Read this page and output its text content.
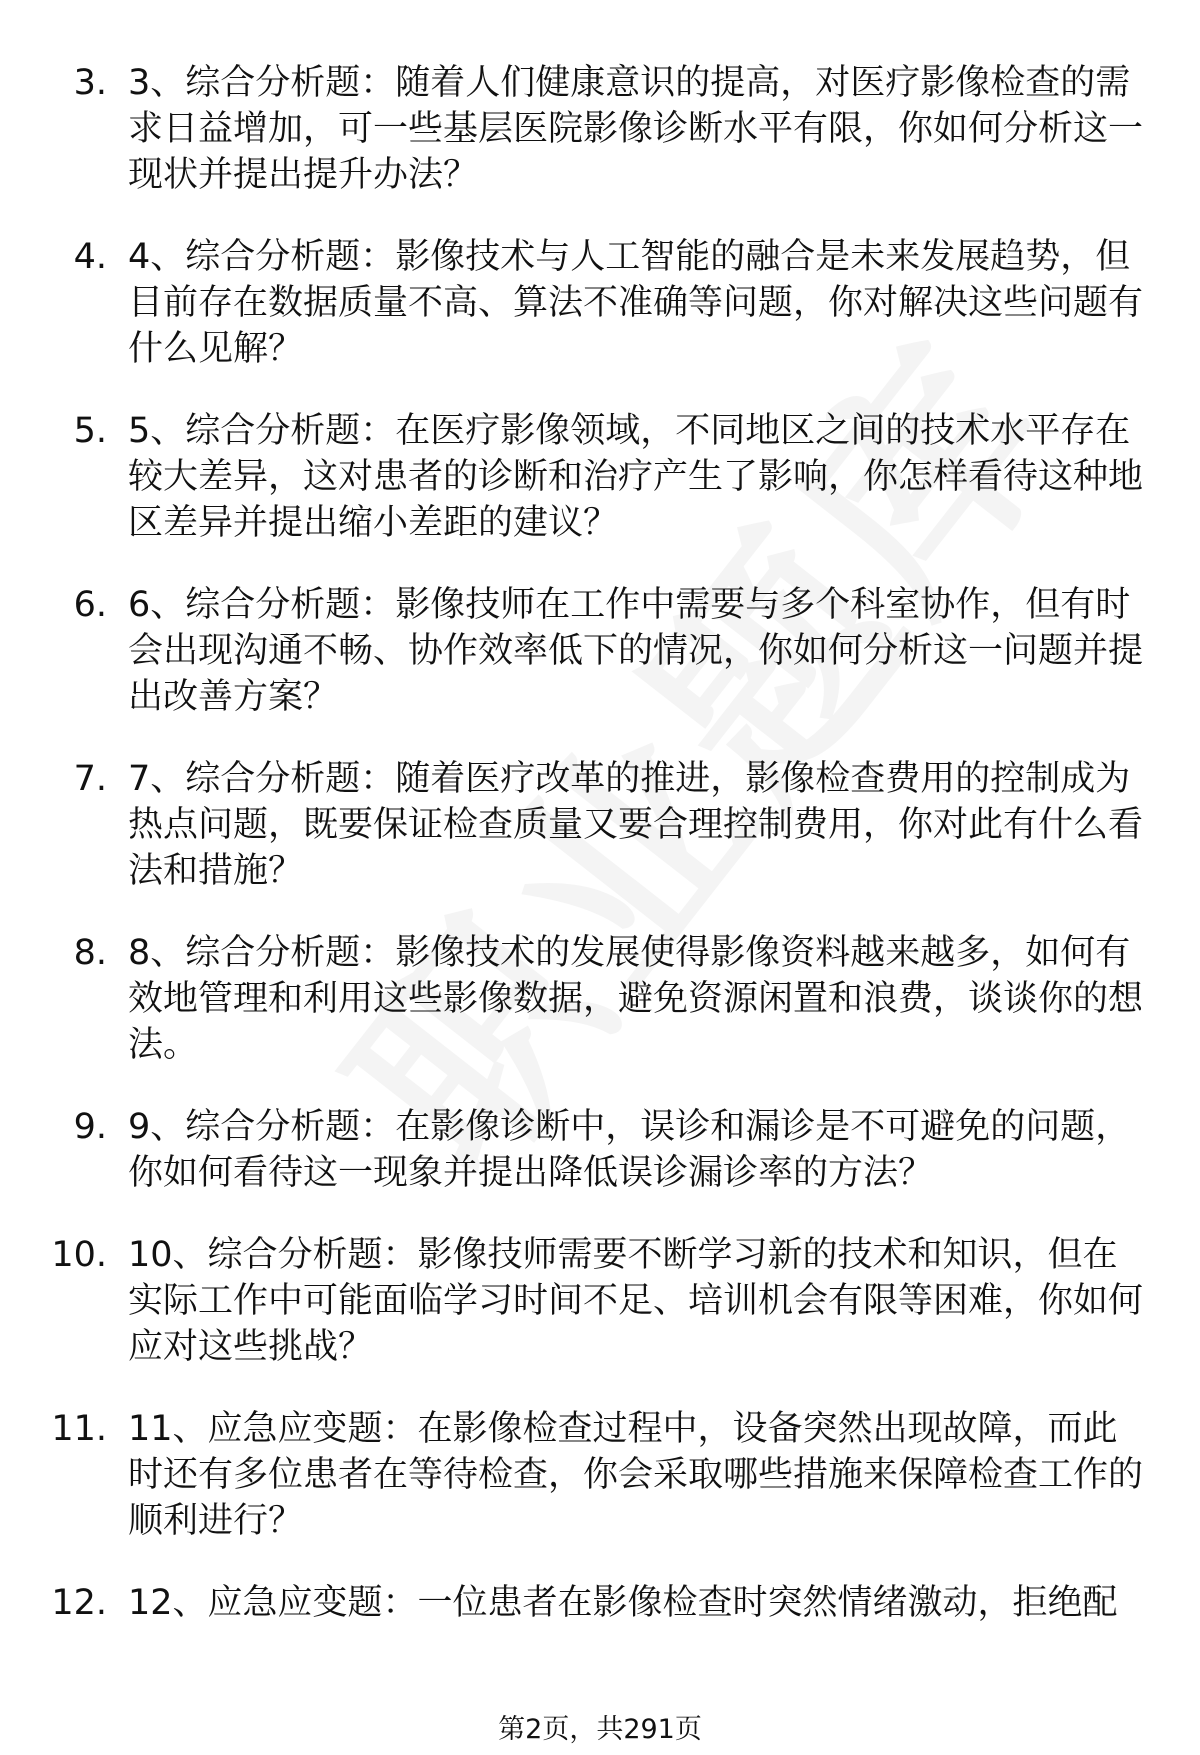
3. 3、综合分析题：随着人们健康意识的提高，对医疗影像检查的需求日益增加，可一些基层医院影像诊断水平有限，你如何分析这一现状并提出提升办法？
4. 4、综合分析题：影像技术与人工智能的融合是未来发展趋势，但目前存在数据质量不高、算法不准确等问题，你对解决这些问题有什么见解？
5. 5、综合分析题：在医疗影像领域，不同地区之间的技术水平存在较大差异，这对患者的诊断和治疗产生了影响，你怎样看待这种地区差异并提出缩小差距的建议？
6. 6、综合分析题：影像技师在工作中需要与多个科室协作，但有时会出现沟通不畅、协作效率低下的情况，你如何分析这一问题并提出改善方案？
7. 7、综合分析题：随着医疗改革的推进，影像检查费用的控制成为热点问题，既要保证检查质量又要合理控制费用，你对此有什么看法和措施？
8. 8、综合分析题：影像技术的发展使得影像资料越来越多，如何有效地管理和利用这些影像数据，避免资源闲置和浪费，谈谈你的想法。
9. 9、综合分析题：在影像诊断中，误诊和漏诊是不可避免的问题，你如何看待这一现象并提出降低误诊漏诊率的方法？
10. 10、综合分析题：影像技师需要不断学习新的技术和知识，但在实际工作中可能面临学习时间不足、培训机会有限等困难，你如何应对这些挑战？
11. 11、应急应变题：在影像检查过程中，设备突然出现故障，而此时还有多位患者在等待检查，你会采取哪些措施来保障检查工作的顺利进行？
12. 12、应急应变题：一位患者在影像检查时突然情绪激动，拒绝配
第2页，共291页
